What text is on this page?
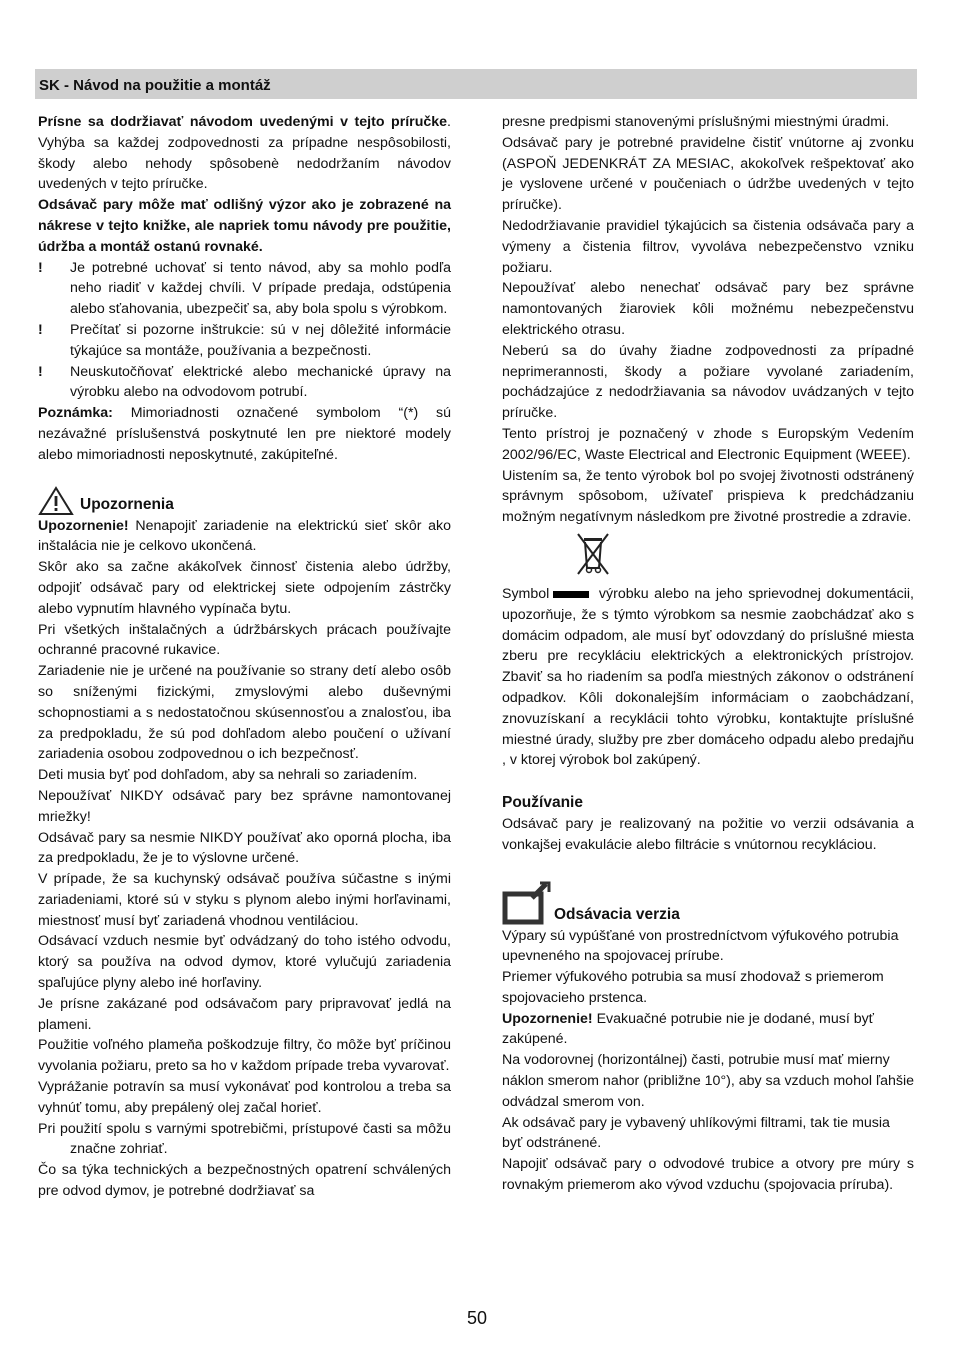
SK - Návod na použitie a montáž

Prísne sa dodržiavať návodom uvedenými v tejto príručke. Vyhýba sa každej zodpovednosti za prípadne nespôsobilosti, škody alebo nehody spôsobenè nedodržaním návodov uvedených v tejto príručke.

Odsávač pary môže mať odlišný výzor ako je zobrazené na nákrese v tejto knižke, ale napriek tomu návody pre použitie, údržba a montáž ostanú rovnaké.

! Je potrebné uchovať si tento návod, aby sa mohlo podľa neho riadiť v každej chvíli. V prípade predaja, odstúpenia alebo sťahovania, ubezpečiť sa, aby bola spolu s výrobkom.
! Prečítať si pozorne inštrukcie: sú v nej dôležité informácie týkajúce sa montáže, používania a bezpečnosti.
! Neuskutočňovať elektrické alebo mechanické úpravy na výrobku alebo na odvodovom potrubí.

Poznámka: Mimoriadnosti označené symbolom “(*) sú nezávažné príslušenstvá poskytnuté len pre niektoré modely alebo mimoriadnosti neposkytnuté, zakúpiteľné.

Upozornenia

Upozornenie! Nenapojiť zariadenie na elektrickú sieť skôr ako inštalácia nie je celkovo ukončená.

Skôr ako sa začne akákoľvek činnosť čistenia alebo údržby, odpojiť odsávač pary od elektrickej siete odpojením zástrčky alebo vypnutím hlavného vypínača bytu.

Pri všetkých inštalačných a údržbárskych prácach používajte ochranné pracovné rukavice.

Zariadenie nie je určené na používanie so strany detí alebo osôb so sníženými fizickými, zmyslovými alebo duševnými schopnostiami a s nedostatočnou skúsennosťou a znalosťou, iba za predpokladu, že sú pod dohľadom alebo poučení o užívaní zariadenia osobou zodpovednou o ich bezpečnosť.

Deti musia byť pod dohľadom, aby sa nehrali so zariadením.

Nepoužívať NIKDY odsávač pary bez správne namontovanej mriežky!

Odsávač pary sa nesmie NIKDY používať ako oporná plocha, iba za predpokladu, že je to výslovne určené.

V prípade, že sa kuchynský odsávač používa súčastne s inými zariadeniami, ktoré sú v styku s plynom alebo inými horľavinami, miestnosť musí byť zariadená vhodnou ventiláciou.

Odsávací vzduch nesmie byť odvádzaný do toho istého odvodu, ktorý sa používa na odvod dymov, ktoré vylučujú zariadenia spaľujúce plyny alebo iné horľaviny.

Je prísne zakázané pod odsávačom pary pripravovať jedlá na plameni.

Použitie voľného plameňa poškodzuje filtry, čo môže byť príčinou vyvolania požiaru, preto sa ho v každom prípade treba vyvarovať.

Vyprážanie potravín sa musí vykonávať pod kontrolou a treba sa vyhnúť tomu, aby prepálený olej začal horieť.

Pri použití spolu s varnými spotrebičmi, prístupové časti sa môžu značne zohriať.

Čo sa týka technických a bezpečnostných opatrení schválených pre odvod dymov, je potrebné dodržiavať sa

presne predpismi stanovenými príslušnými miestnými úradmi.

Odsávač pary je potrebné pravidelne čistiť vnútorne aj zvonku (ASPOŇ JEDENKRÁT ZA MESIAC, akokoľvek rešpektovať ako je vyslovene určené v poučeniach o údržbe uvedených v tejto príručke).

Nedodržiavanie pravidiel týkajúcich sa čistenia odsávača pary a výmeny a čistenia filtrov, vyvoláva nebezpečenstvo vzniku požiaru.

Nepoužívať alebo nenechať odsávač pary bez správne namontovaných žiaroviek kôli možnému nebezpečenstvu elektrického otrasu.

Neberú sa do úvahy žiadne zodpovednosti za prípadné neprimerannosti, škody a požiare vyvolané zariadením, pochádzajúce z nedodržiavania sa návodov uvádzaných v tejto príručke.

Tento prístroj je poznačený v zhode s Europským Vedením 2002/96/EC, Waste Electrical and Electronic Equipment (WEEE).

Uistením sa, že tento výrobok bol po svojej životnosti odstránený správnym spôsobom, užívateľ prispieva k predchádzaniu možným negatívnym následkom pre životné prostredie a zdravie.

Symbol	výrobku alebo na jeho sprievodnej dokumentácii, upozorňuje, že s týmto výrobkom sa nesmie zaobchádzať ako s domácim odpadom, ale musí byť odovzdaný do príslušné miesta zberu pre recykláciu elektrických a elektronických prístrojov. Zbaviť sa ho riadením sa podľa miestných zákonov o odstránení odpadkov. Kôli dokonalejším informáciam o zaobchádzaní, znovuzískaní a recyklácii tohto výrobku, kontaktujte príslušné miestné úrady, služby pre zber domáceho odpadu alebo predajňu , v ktorej výrobok bol zakúpený.

Používanie

Odsávač pary je realizovaný na požitie vo verzii odsávania a vonkajšej evakulácie alebo filtrácie s vnútornou recykláciou.

Odsávacia verzia

Výpary sú vypúšťané von prostredníctvom výfukového potrubia upevneného na spojovacej prírube.

Priemer výfukového potrubia sa musí zhodovaž s priemerom spojovacieho prstenca.

Upozornenie! Evakuačné potrubie nie je dodané, musí byť zakúpené.

Na vodorovnej (horizontálnej) časti, potrubie musí mať mierny náklon smerom nahor (približne 10°), aby sa vzduch mohol ľahšie odvádzal smerom von.

Ak odsávač pary je vybavený uhlíkovými filtrami, tak tie musia byť odstránené.

Napojiť odsávač pary o odvodové trubice a otvory pre múry s rovnakým priemerom ako vývod vzduchu (spojovacia príruba).

50
